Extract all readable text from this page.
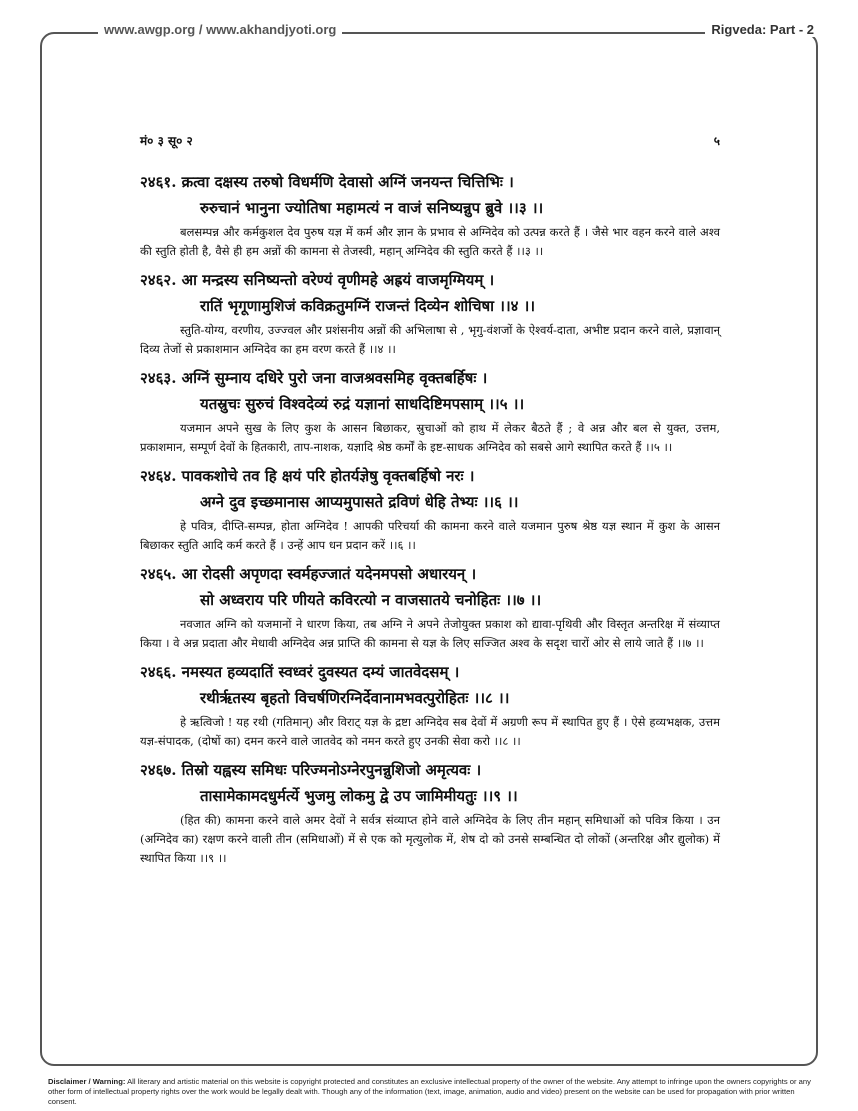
www.awgp.org / www.akhandjyoti.org	Rigveda: Part - 2
मं० ३ सू० २	५

२४६१. क्रत्वा दक्षस्य तरुषो विधर्मणि देवासो अग्निं जनयन्त चित्तिभिः ।

रुरुचानं भानुना ज्योतिषा महामत्यं न वाजं सनिष्यन्नुप ब्रुवे ।।३ ।।

बलसम्पन्न और कर्मकुशल देव पुरुष यज्ञ में कर्म और ज्ञान के प्रभाव से अग्निदेव को उत्पन्न करते हैं । जैसे भार वहन करने वाले अश्व की स्तुति होती है, वैसे ही हम अन्नों की कामना से तेजस्वी, महान् अग्निदेव की स्तुति करते हैं ।।३ ।।

२४६२. आ मन्द्रस्य सनिष्यन्तो वरेण्यं वृणीमहे अह्रयं वाजमृग्मियम् ।

रातिं भृगूणामुशिजं कविक्रतुमग्निं राजन्तं दिव्येन शोचिषा ।।४ ।।

स्तुति-योग्य, वरणीय, उज्ज्वल और प्रशंसनीय अन्नों की अभिलाषा से , भृगु-वंशजों के ऐश्वर्य-दाता, अभीष्ट प्रदान करने वाले, प्रज्ञावान् दिव्य तेजों से प्रकाशमान अग्निदेव का हम वरण करते हैं ।।४ ।।

२४६३. अग्निं सुम्नाय दधिरे पुरो जना वाजश्रवसमिह वृक्तबर्हिषः ।

यतस्रुचः सुरुचं विश्वदेव्यं रुद्रं यज्ञानां साधदिष्टिमपसाम् ।।५ ।।

यजमान अपने सुख के लिए कुश के आसन बिछाकर, स्रुचाओं को हाथ में लेकर बैठते हैं ; वे अन्न और बल से युक्त, उत्तम, प्रकाशमान, सम्पूर्ण देवों के हितकारी, ताप-नाशक, यज्ञादि श्रेष्ठ कर्मों के इष्ट-साधक अग्निदेव को सबसे आगे स्थापित करते हैं ।।५ ।।

२४६४. पावकशोचे तव हि क्षयं परि होतर्यज्ञेषु वृक्तबर्हिषो नरः ।

अग्ने दुव इच्छमानास आप्यमुपासते द्रविणं धेहि तेभ्यः ।।६ ।।

हे पवित्र, दीप्ति-सम्पन्न, होता अग्निदेव ! आपकी परिचर्या की कामना करने वाले यजमान पुरुष श्रेष्ठ यज्ञ स्थान में कुश के आसन बिछाकर स्तुति आदि कर्म करते हैं । उन्हें आप धन प्रदान करें ।।६ ।।

२४६५. आ रोदसी अपृणदा स्वर्महज्जातं यदेनमपसो अधारयन् ।

सो अध्वराय परि णीयते कविरत्यो न वाजसातये चनोहितः ।।७ ।।

नवजात अग्नि को यजमानों ने धारण किया, तब अग्नि ने अपने तेजोयुक्त प्रकाश को द्यावा-पृथिवी और विस्तृत अन्तरिक्ष में संव्याप्त किया । वे अन्न प्रदाता और मेधावी अग्निदेव अन्न प्राप्ति की कामना से यज्ञ के लिए सज्जित अश्व के सदृश चारों ओर से लाये जाते हैं ।।७ ।।

२४६६. नमस्यत हव्यदातिं स्वध्वरं दुवस्यत दम्यं जातवेदसम् ।

रथीर्ऋतस्य बृहतो विचर्षणिरग्निर्देवानामभवत्पुरोहितः ।।८ ।।

हे ऋत्विजो ! यह रथी (गतिमान्) और विराट् यज्ञ के द्रष्टा अग्निदेव सब देवों में अग्रणी रूप में स्थापित हुए हैं । ऐसे हव्यभक्षक, उत्तम यज्ञ-संपादक, (दोषों का) दमन करने वाले जातवेद को नमन करते हुए उनकी सेवा करो ।।८ ।।

२४६७. तिस्रो यह्वस्य समिधः परिज्मनोऽग्नेरपुनन्नुशिजो अमृत्यवः ।

तासामेकामदधुर्मर्त्ये भुजमु लोकमु द्वे उप जामिमीयतुः ।।९ ।।

(हित की) कामना करने वाले अमर देवों ने सर्वत्र संव्याप्त होने वाले अग्निदेव के लिए तीन महान् समिधाओं को पवित्र किया । उन (अग्निदेव का) रक्षण करने वाली तीन (समिधाओं) में से एक को मृत्युलोक में, शेष दो को उनसे सम्बन्धित दो लोकों (अन्तरिक्ष और द्युलोक) में स्थापित किया ।।९ ।।

Disclaimer / Warning: All literary and artistic material on this website is copyright protected and constitutes an exclusive intellectual property of the owner of the website. Any attempt to infringe upon the owners copyrights or any other form of intellectual property rights over the work would be legally dealt with. Though any of the information (text, image, animation, audio and video) present on the website can be used for propagation with prior written consent.
